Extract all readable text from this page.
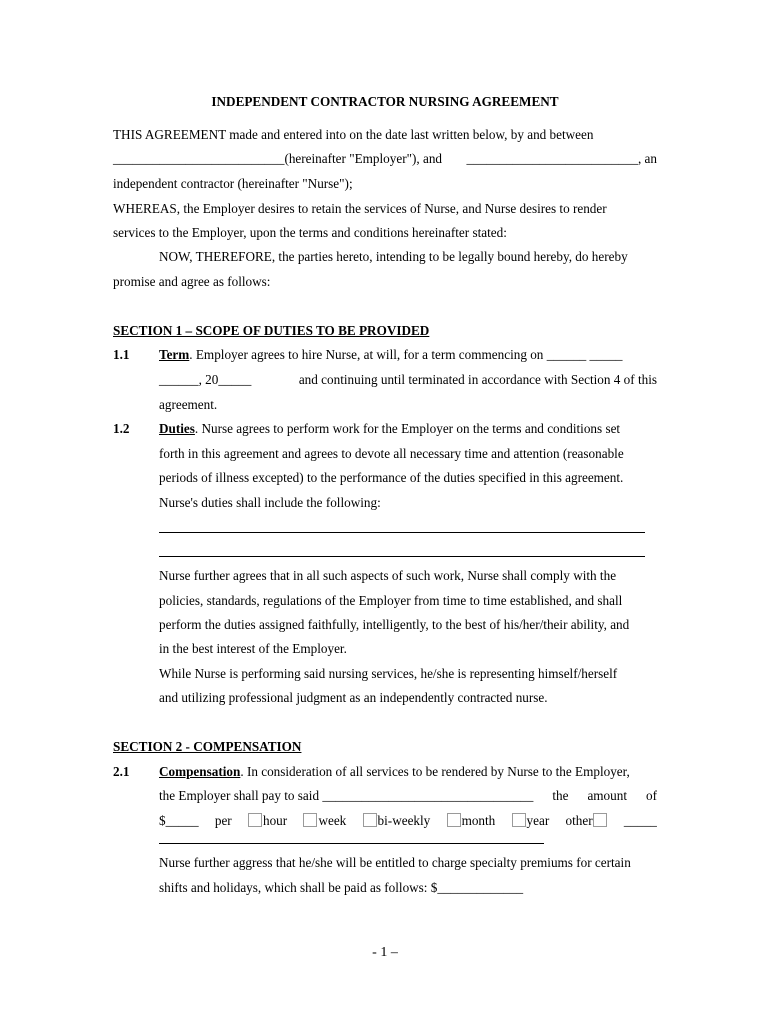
INDEPENDENT CONTRACTOR NURSING AGREEMENT
THIS AGREEMENT made and entered into on the date last written below, by and between
__________________________(hereinafter "Employer"), and __________________________, an
independent contractor (hereinafter "Nurse");
WHEREAS, the Employer desires to retain the services of Nurse, and Nurse desires to render
services to the Employer, upon the terms and conditions hereinafter stated:
NOW, THEREFORE, the parties hereto, intending to be legally bound hereby, do hereby
promise and agree as follows:
SECTION 1 – SCOPE OF DUTIES TO BE PROVIDED
1.1 Term. Employer agrees to hire Nurse, at will, for a term commencing on ______ _____
______, 20_____	and continuing until terminated in accordance with Section 4 of this
agreement.
1.2 Duties. Nurse agrees to perform work for the Employer on the terms and conditions set
forth in this agreement and agrees to devote all necessary time and attention (reasonable
periods of illness excepted) to the performance of the duties specified in this agreement.
Nurse's duties shall include the following:
Nurse further agrees that in all such aspects of such work, Nurse shall comply with the
policies, standards, regulations of the Employer from time to time established, and shall
perform the duties assigned faithfully, intelligently, to the best of his/her/their ability, and
in the best interest of the Employer.
While Nurse is performing said nursing services, he/she is representing himself/herself
and utilizing professional judgment as an independently contracted nurse.
SECTION 2 - COMPENSATION
2.1 Compensation. In consideration of all services to be rendered by Nurse to the Employer,
the Employer shall pay to said ________________________________ the amount of
$_____ per	hour	week	bi-weekly	month	year other	_____
Nurse further aggress that he/she will be entitled to charge specialty premiums for certain
shifts and holidays, which shall be paid as follows: $_____________
- 1 –
